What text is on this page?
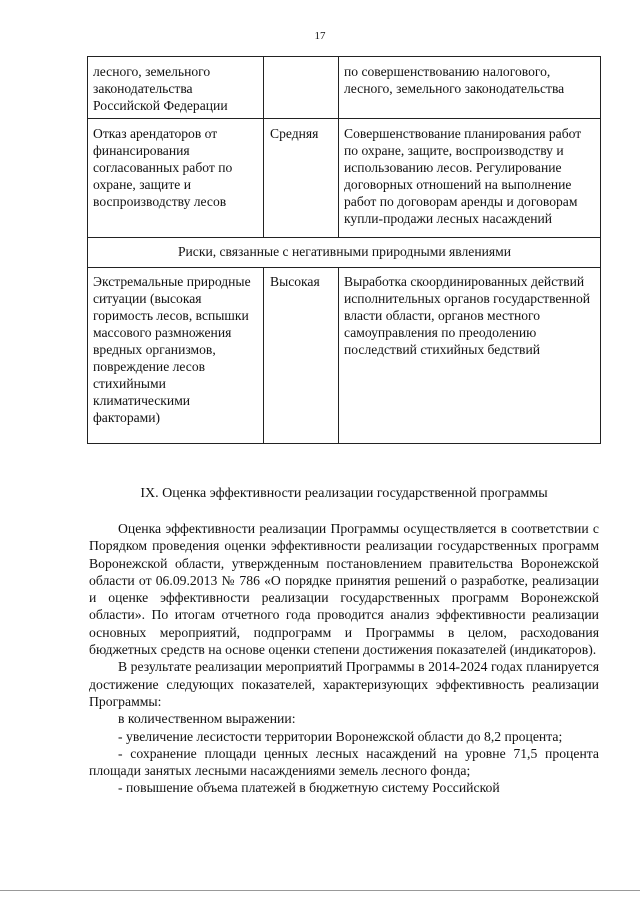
17
лесного, земельного законодательства Российской Федерации		по совершенствованию налогового, лесного, земельного законодательства
Отказ арендаторов от финансирования согласованных работ по охране, защите и воспроизводству лесов	Средняя	Совершенствование планирования работ по охране, защите, воспроизводству и использованию лесов. Регулирование договорных отношений на выполнение работ по договорам аренды и договорам купли-продажи лесных насаждений
Риски, связанные с негативными природными явлениями		
Экстремальные природные ситуации (высокая горимость лесов, вспышки массового размножения вредных организмов, повреждение лесов стихийными климатическими факторами)	Высокая	Выработка скоординированных действий исполнительных органов государственной власти области, органов местного самоуправления по преодолению последствий стихийных бедствий
IX. Оценка эффективности реализации государственной программы

Оценка эффективности реализации Программы осуществляется в соответствии с Порядком проведения оценки эффективности реализации государственных программ Воронежской области, утвержденным постановлением правительства Воронежской области от 06.09.2013 № 786 «О порядке принятия решений о разработке, реализации и оценке эффективности реализации государственных программ Воронежской области». По итогам отчетного года проводится анализ эффективности реализации основных мероприятий, подпрограмм и Программы в целом, расходования бюджетных средств на основе оценки степени достижения показателей (индикаторов).

В результате реализации мероприятий Программы в 2014-2024 годах планируется достижение следующих показателей, характеризующих эффективность реализации Программы:

в количественном выражении:

- увеличение лесистости территории Воронежской области до 8,2 процента;

- сохранение площади ценных лесных насаждений на уровне 71,5 процента площади занятых лесными насаждениями земель лесного фонда;

- повышение объема платежей в бюджетную систему Российской
